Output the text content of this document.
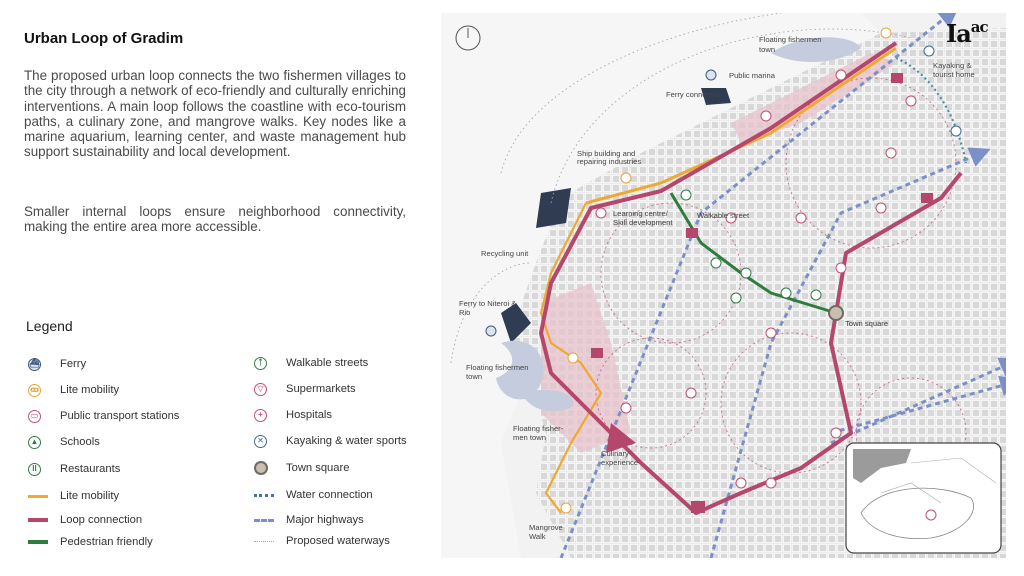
Urban Loop of Gradim

The proposed urban loop connects the two fishermen villages to the city through a network of eco-friendly and culturally enriching interventions. A main loop follows the coastline with eco-tourism paths, a culinary zone, and mangrove walks. Key nodes like a marine aquarium, learning center, and waste management hub support sustainability and local development.

Smaller internal loops ensure neighborhood connectivity, making the entire area more accessible.

Legend
⛴ Ferry
ꝏ Lite mobility
▭ Public transport stations
▲ Schools
ll	Restaurants
Lite mobility
Loop connection
Pedestrian friendly
ᛏ	Walkable streets
▽	Supermarkets
+	Hospitals
✕ Kayaking & water sports
Town square
Water connection
Major highways
Proposed waterways
Floating fishermen
town
Kayaking &
tourist home
Public marina
Ferry connection
Ship building and
repairing industries
Learning centre/
Skill development
Walkable street
Recycling unit
Ferry to Niteroi &
Rio
Town square
Floating fishermen
town
Floating fisher-
men town
Culinary
experience
Mangrove
Walk
$Ia^{ac}$
